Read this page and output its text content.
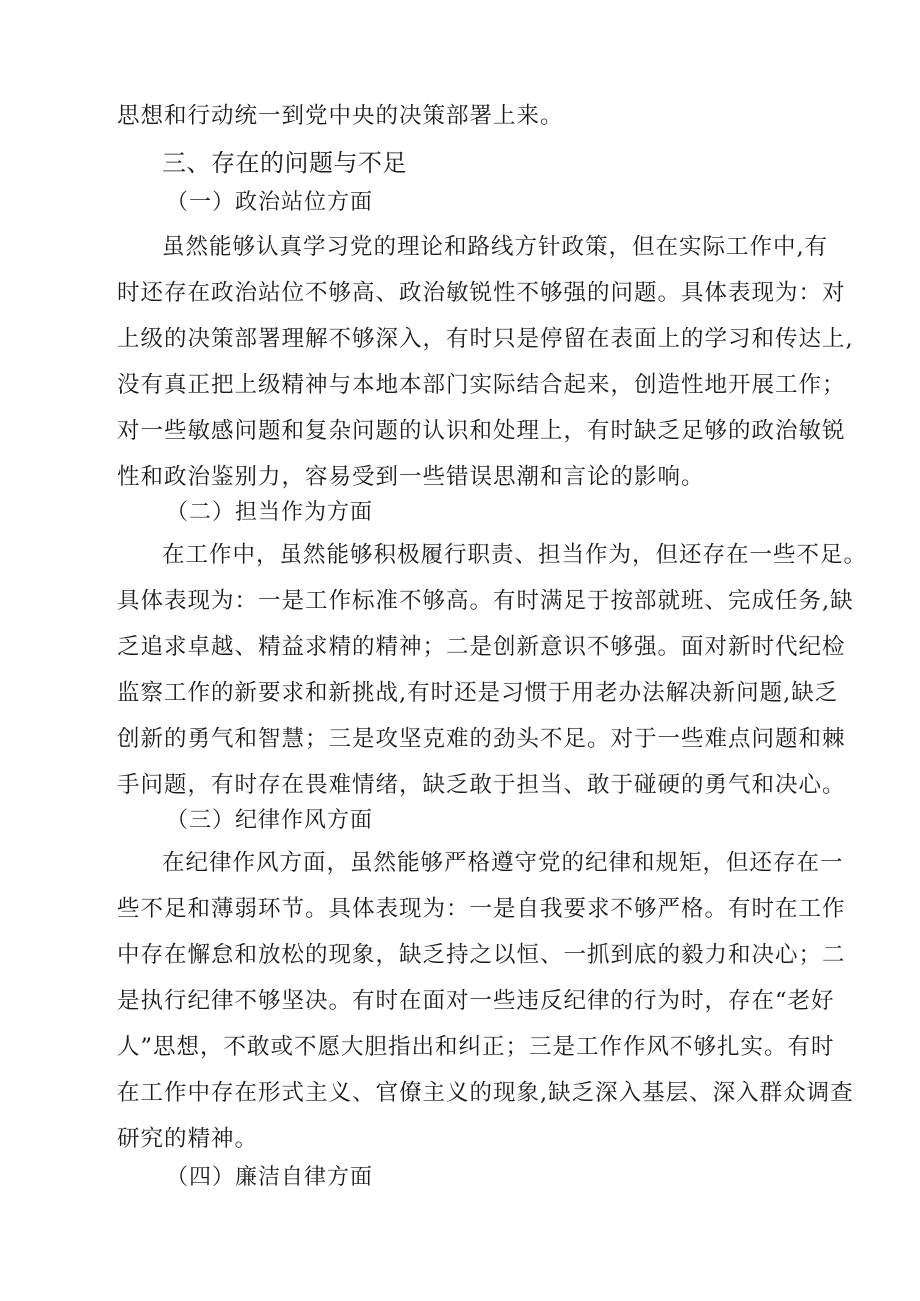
思想和行动统一到党中央的决策部署上来。
三、存在的问题与不足
（一）政治站位方面
虽然能够认真学习党的理论和路线方针政策，但在实际工作中,有
时还存在政治站位不够高、政治敏锐性不够强的问题。具体表现为：对
上级的决策部署理解不够深入，有时只是停留在表面上的学习和传达上,
没有真正把上级精神与本地本部门实际结合起来，创造性地开展工作；
对一些敏感问题和复杂问题的认识和处理上，有时缺乏足够的政治敏锐
性和政治鉴别力，容易受到一些错误思潮和言论的影响。
（二）担当作为方面
在工作中，虽然能够积极履行职责、担当作为，但还存在一些不足。
具体表现为：一是工作标准不够高。有时满足于按部就班、完成任务,缺
乏追求卓越、精益求精的精神；二是创新意识不够强。面对新时代纪检
监察工作的新要求和新挑战,有时还是习惯于用老办法解决新问题,缺乏
创新的勇气和智慧；三是攻坚克难的劲头不足。对于一些难点问题和棘
手问题，有时存在畏难情绪，缺乏敢于担当、敢于碰硬的勇气和决心。
（三）纪律作风方面
在纪律作风方面，虽然能够严格遵守党的纪律和规矩，但还存在一
些不足和薄弱环节。具体表现为：一是自我要求不够严格。有时在工作
中存在懈怠和放松的现象，缺乏持之以恒、一抓到底的毅力和决心；二
是执行纪律不够坚决。有时在面对一些违反纪律的行为时，存在“老好
人”思想，不敢或不愿大胆指出和纠正；三是工作作风不够扎实。有时
在工作中存在形式主义、官僚主义的现象,缺乏深入基层、深入群众调查
研究的精神。
（四）廉洁自律方面
